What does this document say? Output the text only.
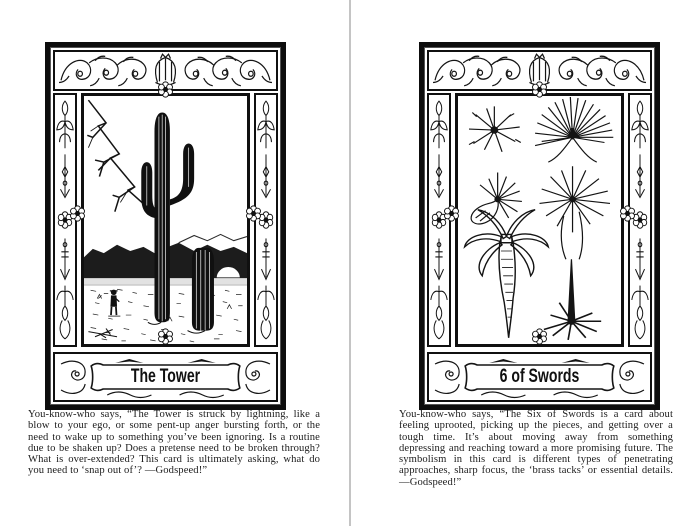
The Tower

You-know-who says, “The Tower is struck by lightning, like a blow to your ego, or some pent-up anger bursting forth, or the need to wake up to something you’ve been ignoring. Is a routine due to be shaken up? Does a pretense need to be broken through? What is over-extended? This card is ultimately asking, what do you need to ‘snap out of’? —Godspeed!”

6 of Swords

You-know-who says, “The Six of Swords is a card about feeling uprooted, picking up the pieces, and getting over a tough time. It’s about moving away from something depressing and reaching toward a more promising future. The symbolism in this card is different types of penetrating approaches, sharp focus, the ‘brass tacks’ or essential details. —Godspeed!”
